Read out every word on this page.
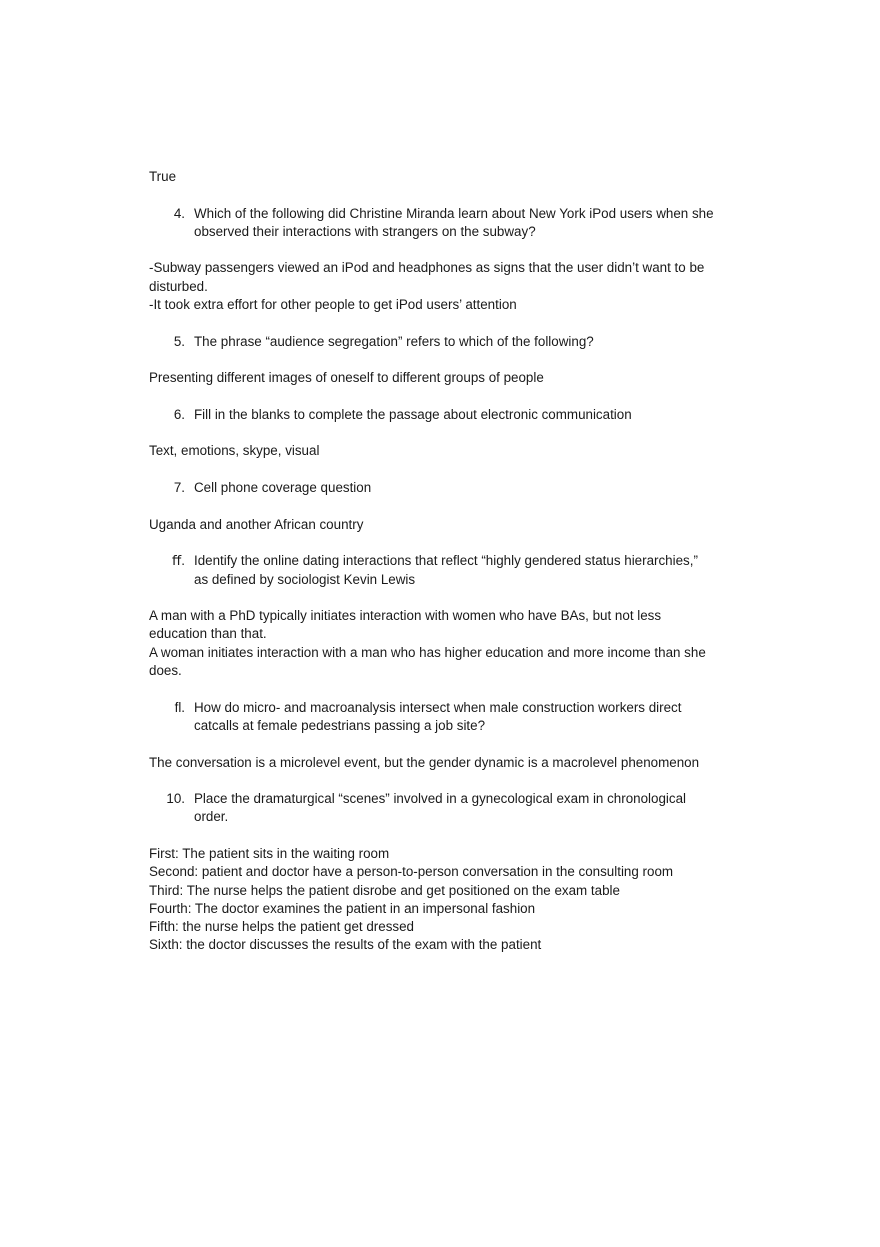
True

4. Which of the following did Christine Miranda learn about New York iPod users when she
observed their interactions with strangers on the subway?

-Subway passengers viewed an iPod and headphones as signs that the user didn’t want to be
disturbed.
-It took extra effort for other people to get iPod users’ attention

5. The phrase “audience segregation” refers to which of the following?

Presenting different images of oneself to different groups of people

6. Fill in the blanks to complete the passage about electronic communication

Text, emotions, skype, visual

7. Cell phone coverage question

Uganda and another African country

ﬀ. Identify the online dating interactions that reflect “highly gendered status hierarchies,”
as defined by sociologist Kevin Lewis

A man with a PhD typically initiates interaction with women who have BAs, but not less
education than that.
A woman initiates interaction with a man who has higher education and more income than she
does.

ﬂ. How do micro- and macroanalysis intersect when male construction workers direct
catcalls at female pedestrians passing a job site?

The conversation is a microlevel event, but the gender dynamic is a macrolevel phenomenon

10. Place the dramaturgical “scenes” involved in a gynecological exam in chronological
order.

First: The patient sits in the waiting room
Second: patient and doctor have a person-to-person conversation in the consulting room
Third: The nurse helps the patient disrobe and get positioned on the exam table
Fourth: The doctor examines the patient in an impersonal fashion
Fifth: the nurse helps the patient get dressed
Sixth: the doctor discusses the results of the exam with the patient
